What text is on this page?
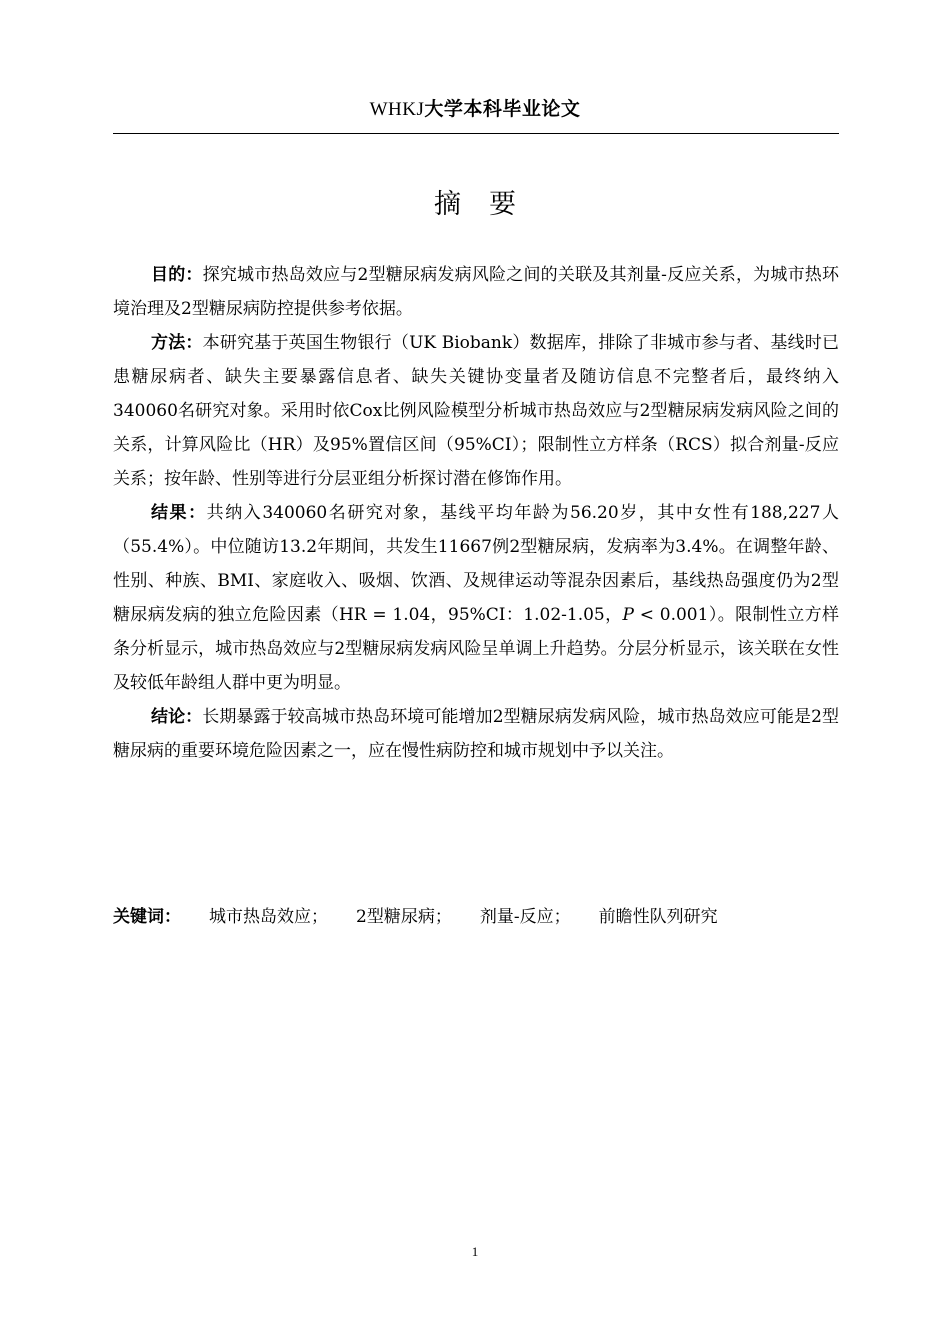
WHKJ大学本科毕业论文
摘要

目的：探究城市热岛效应与2型糖尿病发病风险之间的关联及其剂量-反应关系，为城市热环境治理及2型糖尿病防控提供参考依据。

方法：本研究基于英国生物银行（UK Biobank）数据库，排除了非城市参与者、基线时已患糖尿病者、缺失主要暴露信息者、缺失关键协变量者及随访信息不完整者后，最终纳入340060名研究对象。采用时依Cox比例风险模型分析城市热岛效应与2型糖尿病发病风险之间的关系，计算风险比（HR）及95%置信区间（95%CI）；限制性立方样条（RCS）拟合剂量-反应关系；按年龄、性别等进行分层亚组分析探讨潜在修饰作用。

结果：共纳入340060名研究对象，基线平均年龄为56.20岁，其中女性有188,227人（55.4%）。中位随访13.2年期间，共发生11667例2型糖尿病，发病率为3.4%。在调整年龄、性别、种族、BMI、家庭收入、吸烟、饮酒、及规律运动等混杂因素后，基线热岛强度仍为2型糖尿病发病的独立危险因素（HR = 1.04，95%CI：1.02-1.05，P < 0.001）。限制性立方样条分析显示，城市热岛效应与2型糖尿病发病风险呈单调上升趋势。分层分析显示，该关联在女性及较低年龄组人群中更为明显。

结论：长期暴露于较高城市热岛环境可能增加2型糖尿病发病风险，城市热岛效应可能是2型糖尿病的重要环境危险因素之一，应在慢性病防控和城市规划中予以关注。

关键词： 城市热岛效应； 2型糖尿病； 剂量-反应； 前瞻性队列研究
1
